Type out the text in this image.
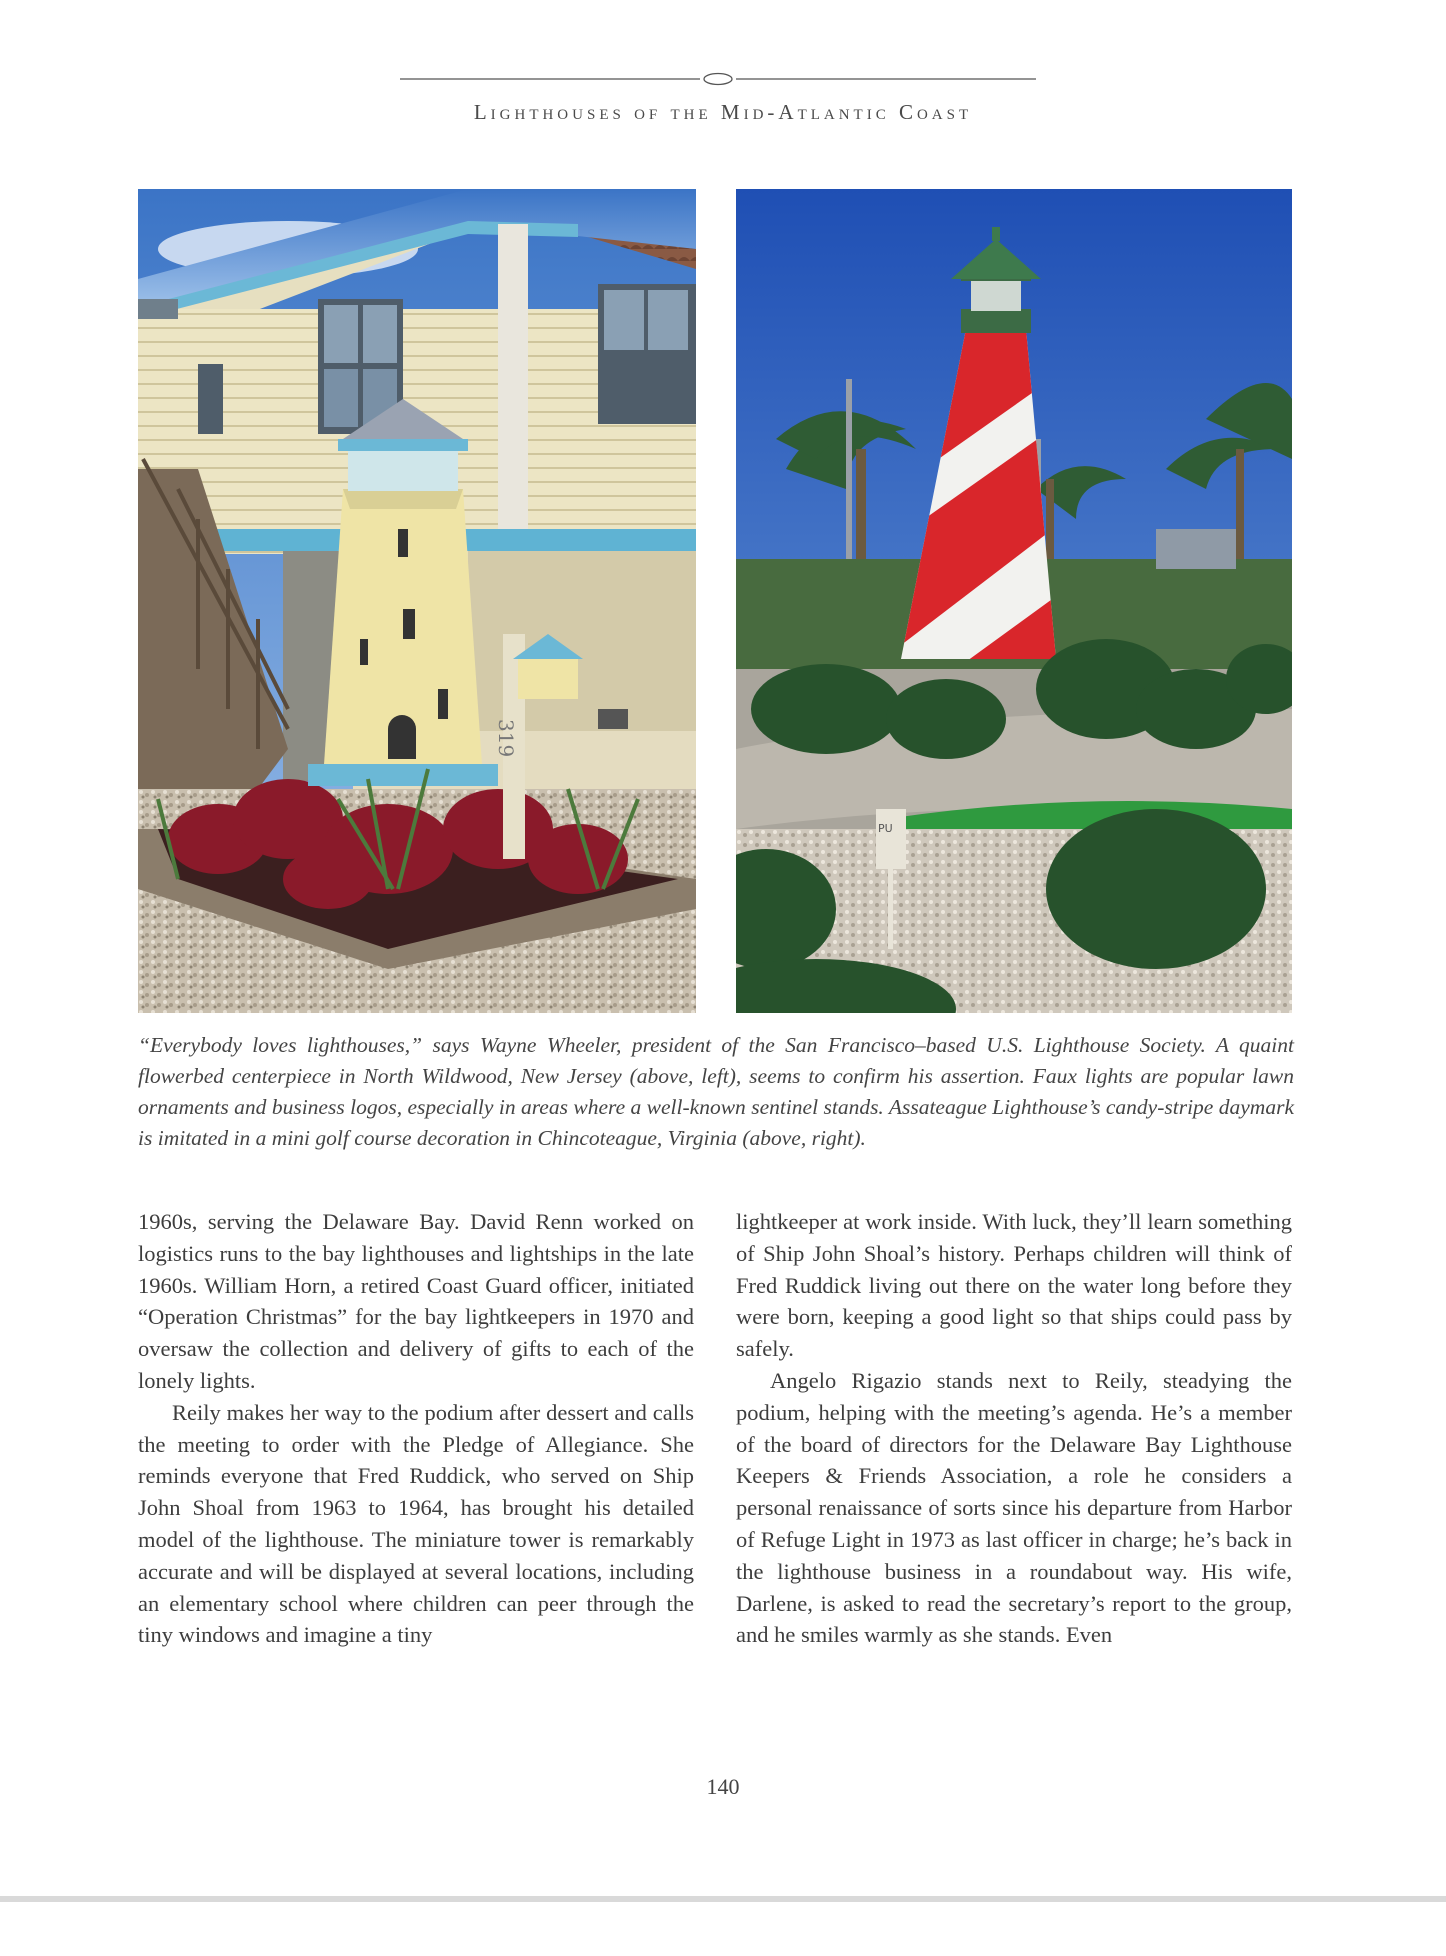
Lighthouses of the Mid-Atlantic Coast
319
PU
“Everybody loves lighthouses,” says Wayne Wheeler, president of the San Francisco–based U.S. Lighthouse Society. A quaint flowerbed centerpiece in North Wildwood, New Jersey (above, left), seems to confirm his assertion. Faux lights are popular lawn ornaments and business logos, especially in areas where a well-known sentinel stands. Assateague Lighthouse’s candy-stripe daymark is imitated in a mini golf course decoration in Chincoteague, Virginia (above, right).

1960s, serving the Delaware Bay. David Renn worked on logistics runs to the bay lighthouses and lightships in the late 1960s. William Horn, a retired Coast Guard officer, initiated “Operation Christmas” for the bay lightkeepers in 1970 and oversaw the collection and delivery of gifts to each of the lonely lights.

Reily makes her way to the podium after dessert and calls the meeting to order with the Pledge of Allegiance. She reminds everyone that Fred Ruddick, who served on Ship John Shoal from 1963 to 1964, has brought his detailed model of the lighthouse. The miniature tower is remarkably accurate and will be displayed at several locations, including an elementary school where children can peer through the tiny windows and imagine a tiny

lightkeeper at work inside. With luck, they’ll learn something of Ship John Shoal’s history. Perhaps children will think of Fred Ruddick living out there on the water long before they were born, keeping a good light so that ships could pass by safely.

Angelo Rigazio stands next to Reily, steadying the podium, helping with the meeting’s agenda. He’s a member of the board of directors for the Delaware Bay Lighthouse Keepers & Friends Association, a role he considers a personal renaissance of sorts since his departure from Harbor of Refuge Light in 1973 as last officer in charge; he’s back in the lighthouse business in a roundabout way. His wife, Darlene, is asked to read the secretary’s report to the group, and he smiles warmly as she stands. Even

140
